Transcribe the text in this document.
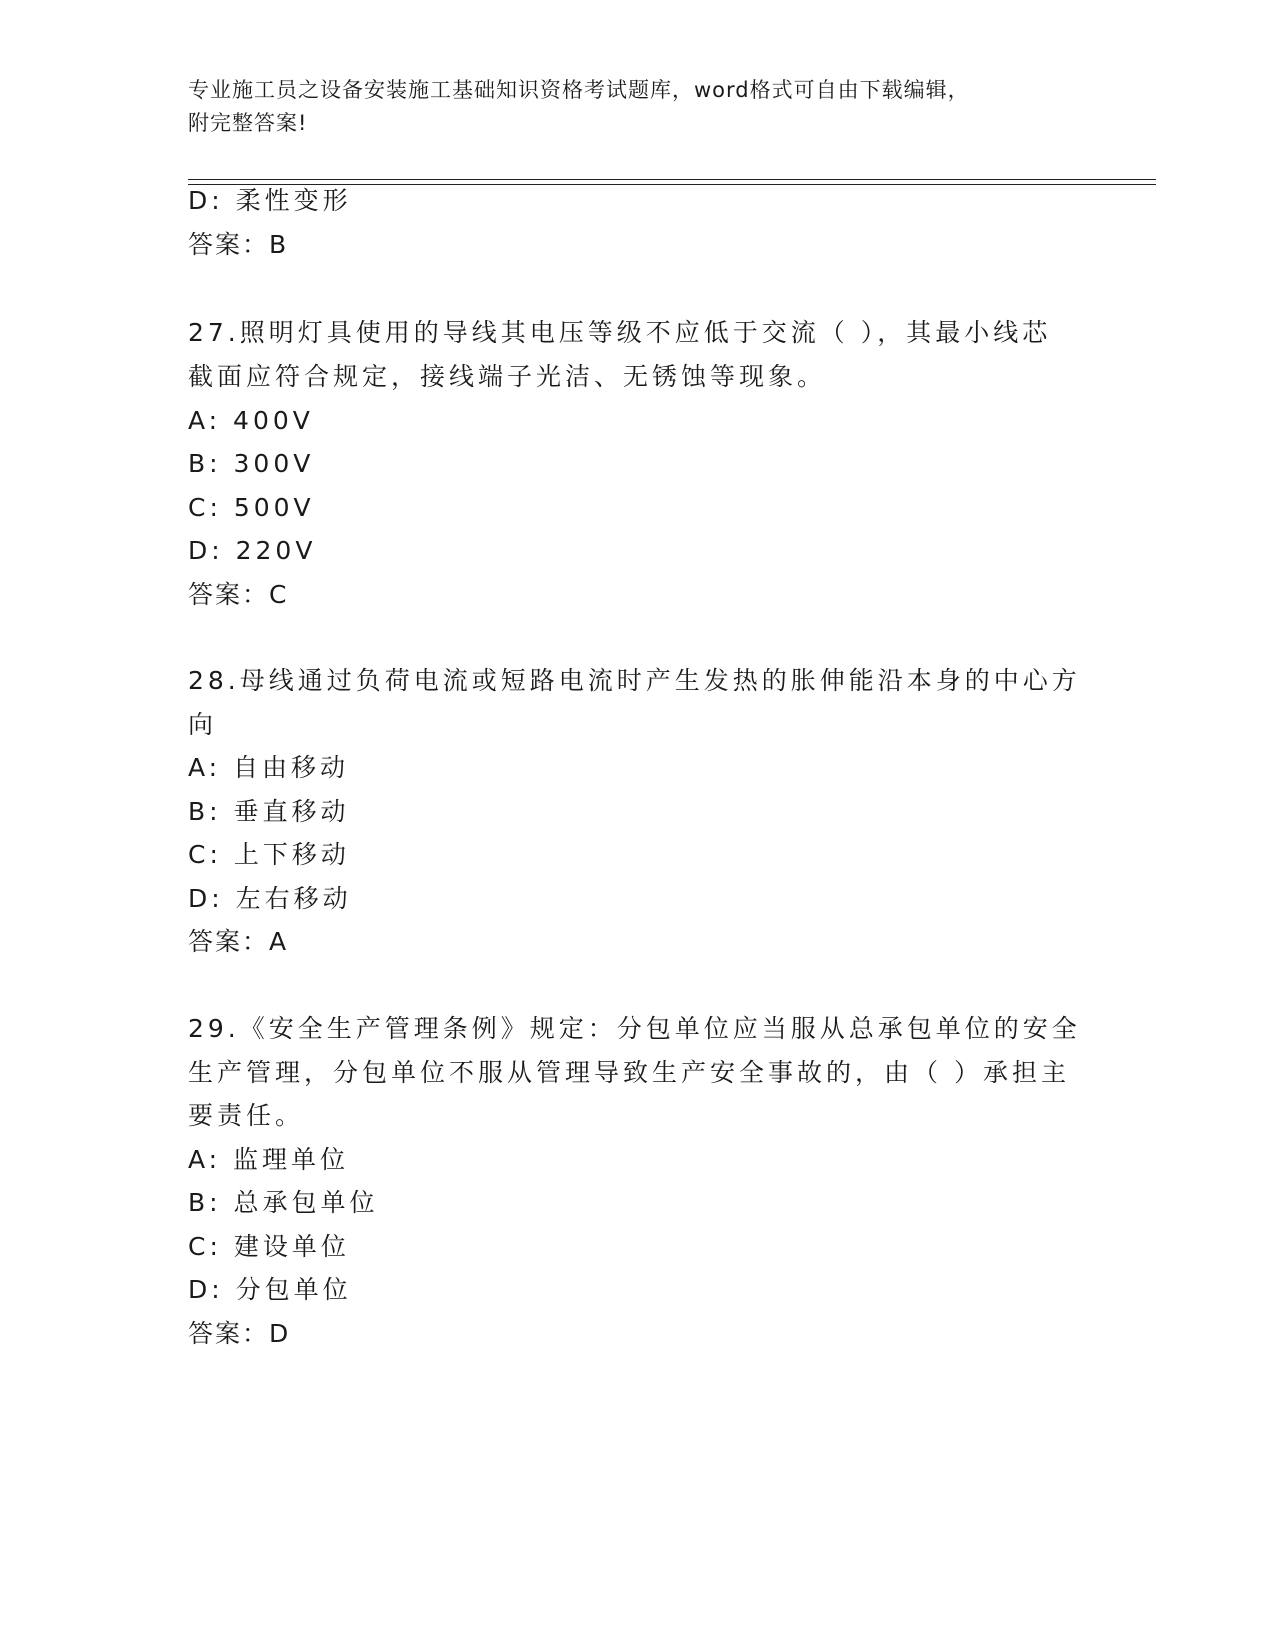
专业施工员之设备安装施工基础知识资格考试题库，word格式可自由下载编辑，
附完整答案!
D: 柔性变形
答案：B
27.照明灯具使用的导线其电压等级不应低于交流（ ），其最小线芯
截面应符合规定，接线端子光洁、无锈蚀等现象。
A: 400V
B: 300V
C: 500V
D: 220V
答案：C
28.母线通过负荷电流或短路电流时产生发热的胀伸能沿本身的中心方
向
A: 自由移动
B: 垂直移动
C: 上下移动
D: 左右移动
答案：A
29.《安全生产管理条例》规定：分包单位应当服从总承包单位的安全
生产管理，分包单位不服从管理导致生产安全事故的，由（ ）承担主
要责任。
A: 监理单位
B: 总承包单位
C: 建设单位
D: 分包单位
答案：D
